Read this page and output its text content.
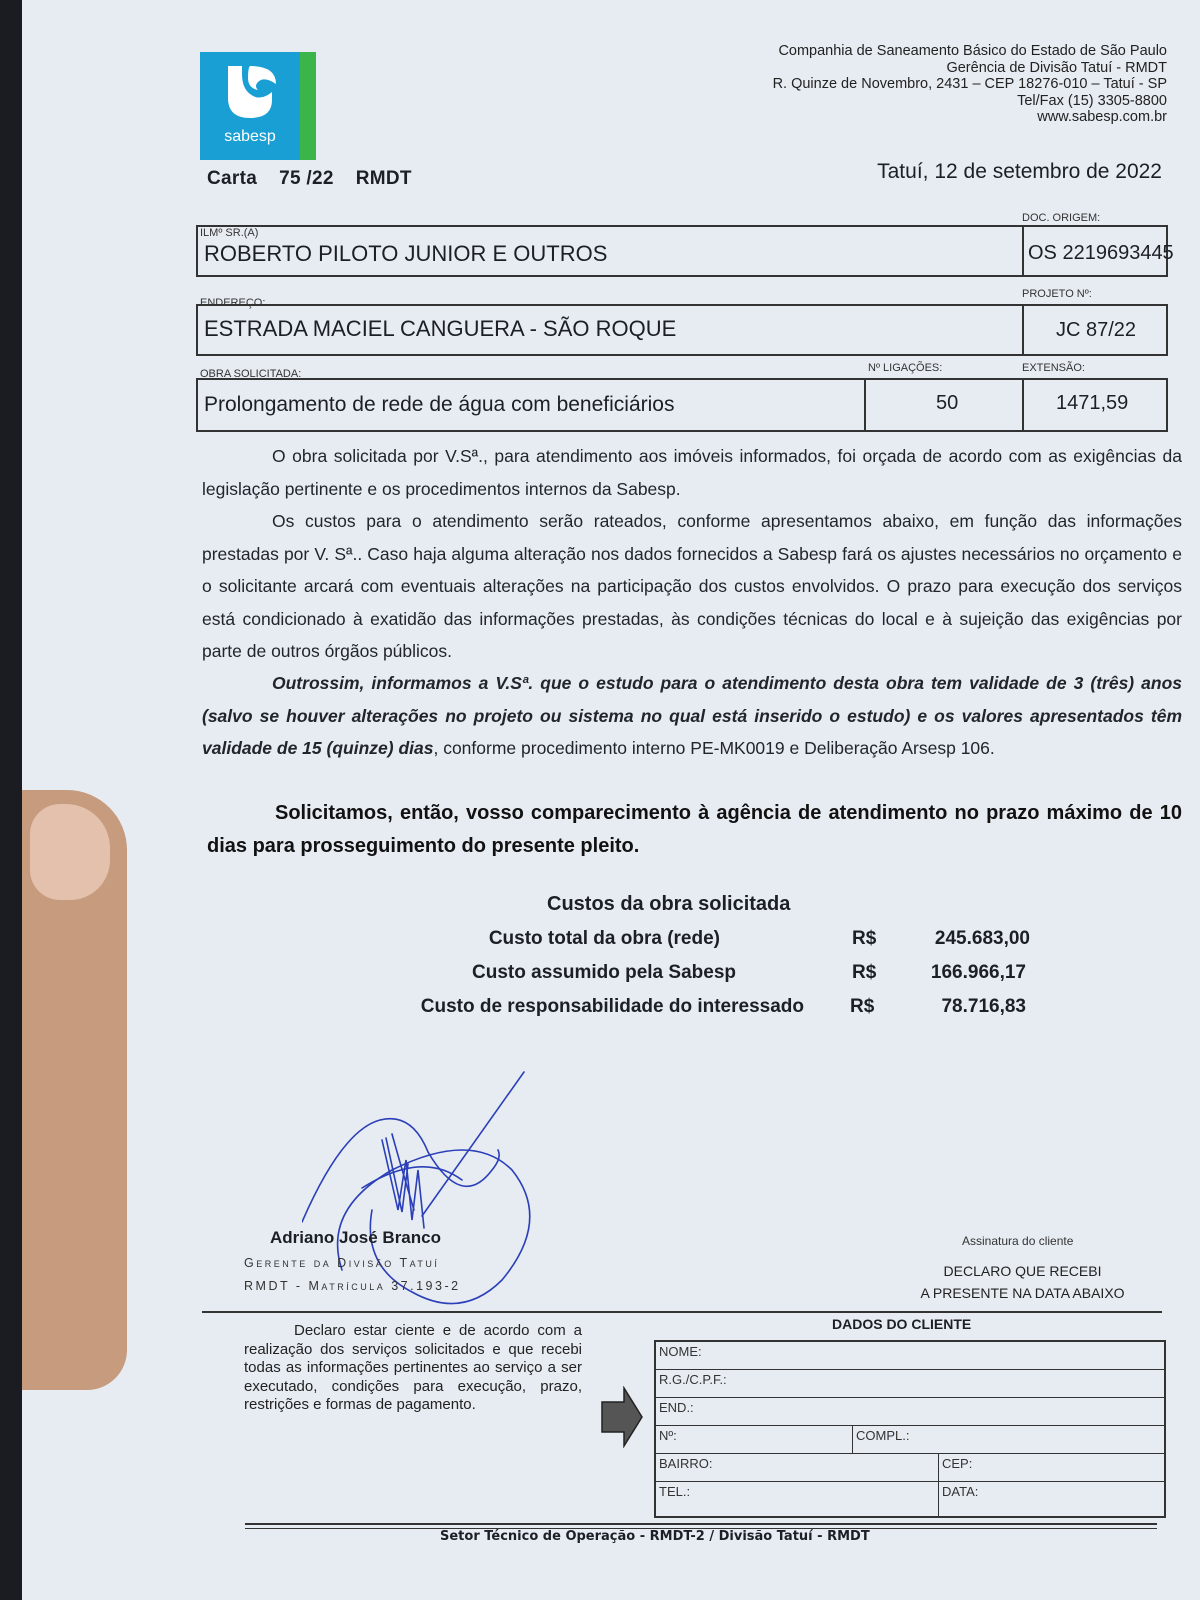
sabesp
Companhia de Saneamento Básico do Estado de São Paulo
Gerência de Divisão Tatuí - RMDT
R. Quinze de Novembro, 2431 – CEP 18276-010 – Tatuí - SP
Tel/Fax (15) 3305-8800
www.sabesp.com.br
Carta 75 /22 RMDT	Tatuí, 12 de setembro de 2022
ILMº SR.(A)
DOC. ORIGEM:
ROBERTO PILOTO JUNIOR E OUTROS	OS 2219693445
ENDEREÇO:
PROJETO Nº:
ESTRADA MACIEL CANGUERA - SÃO ROQUE	JC 87/22
OBRA SOLICITADA:	Nº LIGAÇÕES:	EXTENSÃO:
Prolongamento de rede de água com beneficiários	50	1471,59

O obra solicitada por V.Sª., para atendimento aos imóveis informados, foi orçada de acordo com as exigências da legislação pertinente e os procedimentos internos da Sabesp.

Os custos para o atendimento serão rateados, conforme apresentamos abaixo, em função das informações prestadas por V. Sª.. Caso haja alguma alteração nos dados fornecidos a Sabesp fará os ajustes necessários no orçamento e o solicitante arcará com eventuais alterações na participação dos custos envolvidos. O prazo para execução dos serviços está condicionado à exatidão das informações prestadas, às condições técnicas do local e à sujeição das exigências por parte de outros órgãos públicos.

Outrossim, informamos a V.Sª. que o estudo para o atendimento desta obra tem validade de 3 (três) anos (salvo se houver alterações no projeto ou sistema no qual está inserido o estudo) e os valores apresentados têm validade de 15 (quinze) dias, conforme procedimento interno PE-MK0019 e Deliberação Arsesp 106.

Solicitamos, então, vosso comparecimento à agência de atendimento no prazo máximo de 10 dias para prosseguimento do presente pleito.
Custos da obra solicitada
Custo total da obra (rede)	R$	245.683,00
Custo assumido pela Sabesp	R$	166.966,17
Custo de responsabilidade do interessado R$	78.716,83
Adriano José Branco
Gerente da Divisão Tatuí
RMDT - Matrícula 37.193-2
Assinatura do cliente
DECLARO QUE RECEBI
A PRESENTE NA DATA ABAIXO
DADOS DO CLIENTE
Declaro estar ciente e de acordo com a realização dos serviços solicitados e que recebi todas as informações pertinentes ao serviço a ser executado, condições para execução, prazo, restrições e formas de pagamento.
NOME:
R.G./C.P.F.:
END.:
Nº:	COMPL.:
BAIRRO:	CEP:
TEL.:	DATA:
Setor Técnico de Operação - RMDT-2 / Divisão Tatuí - RMDT
